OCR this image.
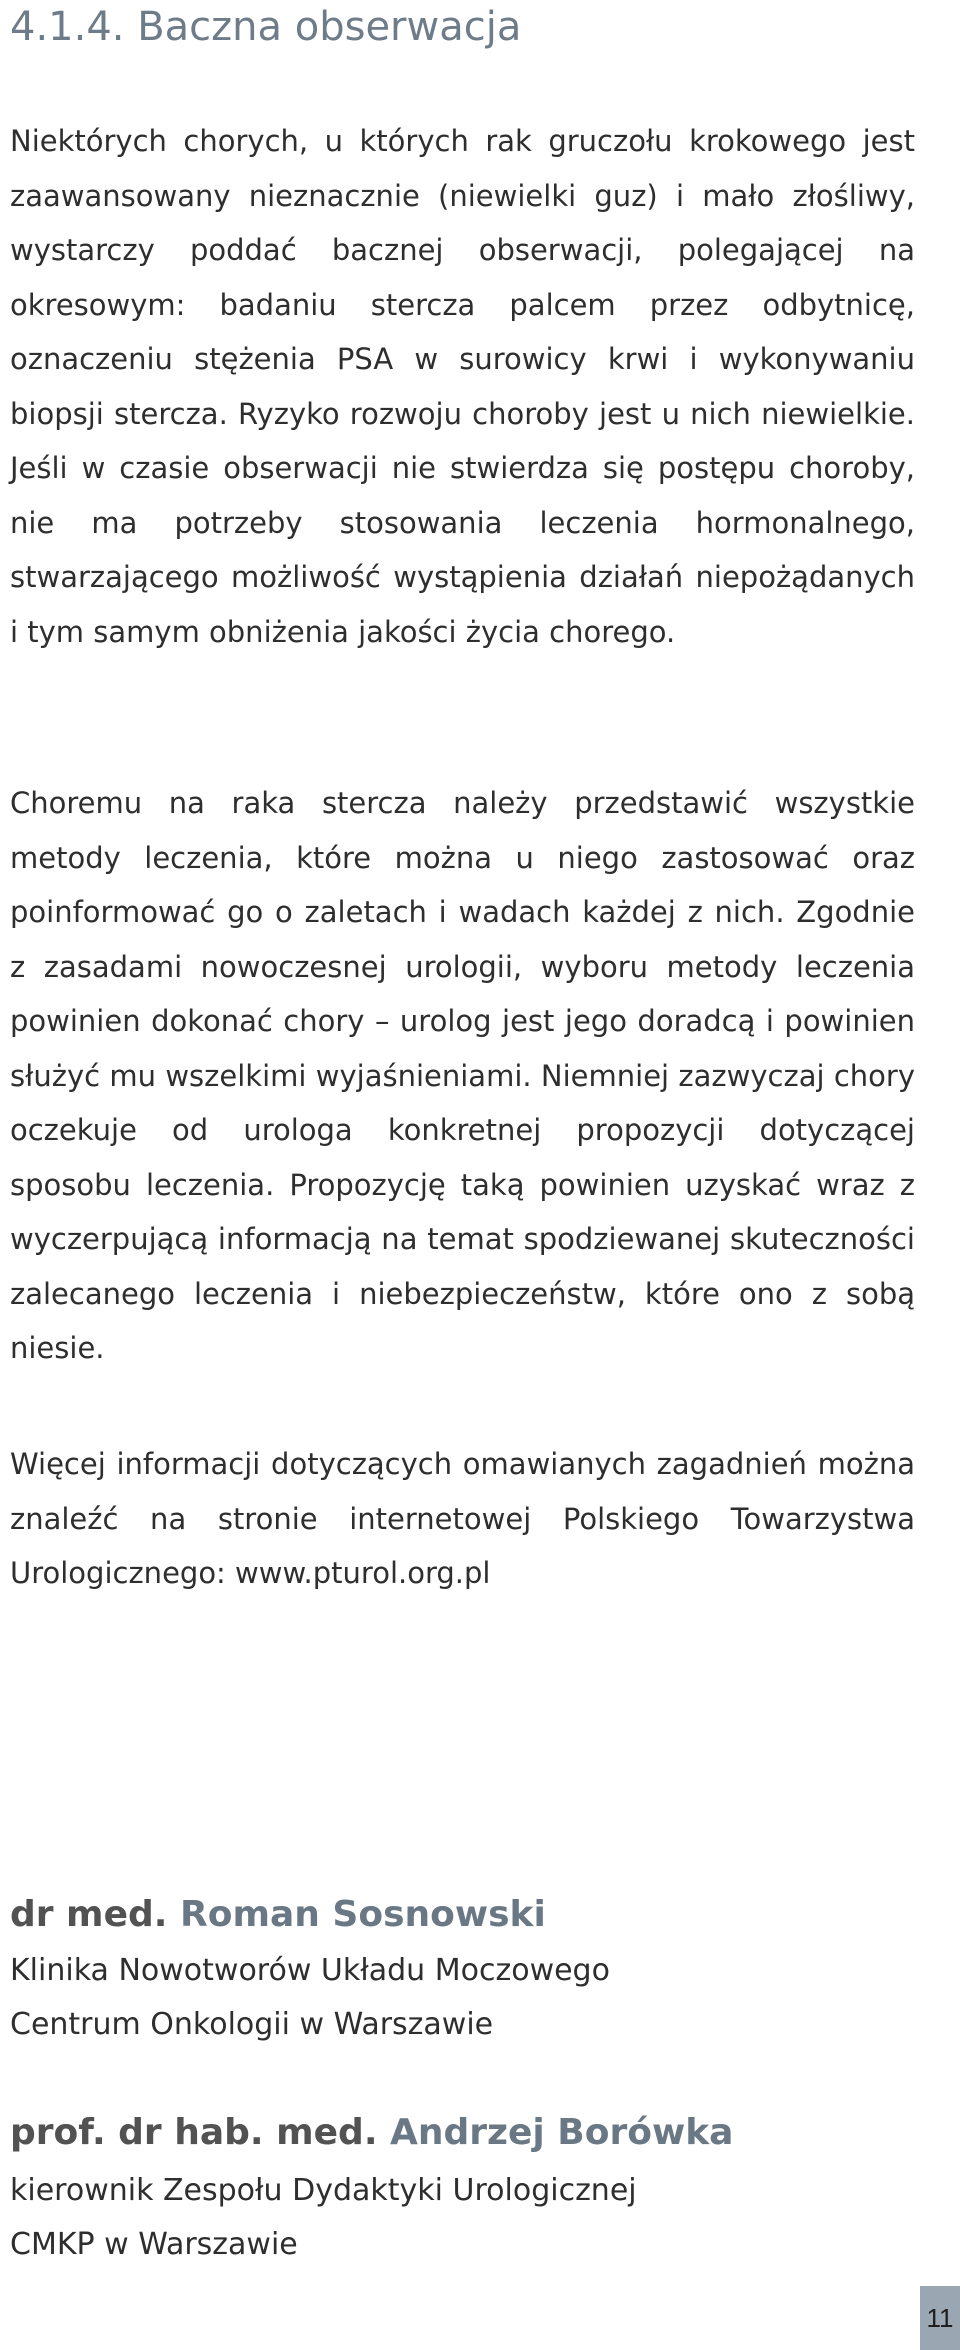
4.1.4. Baczna obserwacja

Niektórych chorych, u których rak gruczołu krokowego jest zaawansowany nieznacznie (niewielki guz) i mało złośliwy, wystarczy poddać bacznej obserwacji, polegającej na okresowym: badaniu stercza palcem przez odbytnicę, oznaczeniu stężenia PSA w surowicy krwi i wykonywaniu biopsji stercza. Ryzyko rozwoju choroby jest u nich niewielkie. Jeśli w czasie obserwacji nie stwierdza się postępu choroby, nie ma potrzeby stosowania leczenia hormonalnego, stwarzającego możliwość wystąpienia działań niepożądanych i tym samym obniżenia jakości życia chorego.

Choremu na raka stercza należy przedstawić wszystkie metody leczenia, które można u niego zastosować oraz poinformować go o zaletach i wadach każdej z nich. Zgodnie z zasadami nowoczesnej urologii, wyboru metody leczenia powinien dokonać chory – urolog jest jego doradcą i powinien służyć mu wszelkimi wyjaśnieniami. Niemniej zazwyczaj chory oczekuje od urologa konkretnej propozycji dotyczącej sposobu leczenia. Propozycję taką powinien uzyskać wraz z wyczerpującą informacją na temat spodziewanej skuteczności zalecanego leczenia i niebezpieczeństw, które ono z sobą niesie.

Więcej informacji dotyczących omawianych zagadnień można znaleźć na stronie internetowej Polskiego Towarzystwa Urologicznego: www.pturol.org.pl

dr med. Roman Sosnowski
Klinika Nowotworów Układu Moczowego
Centrum Onkologii w Warszawie
prof. dr hab. med. Andrzej Borówka
kierownik Zespołu Dydaktyki Urologicznej
CMKP w Warszawie
11
